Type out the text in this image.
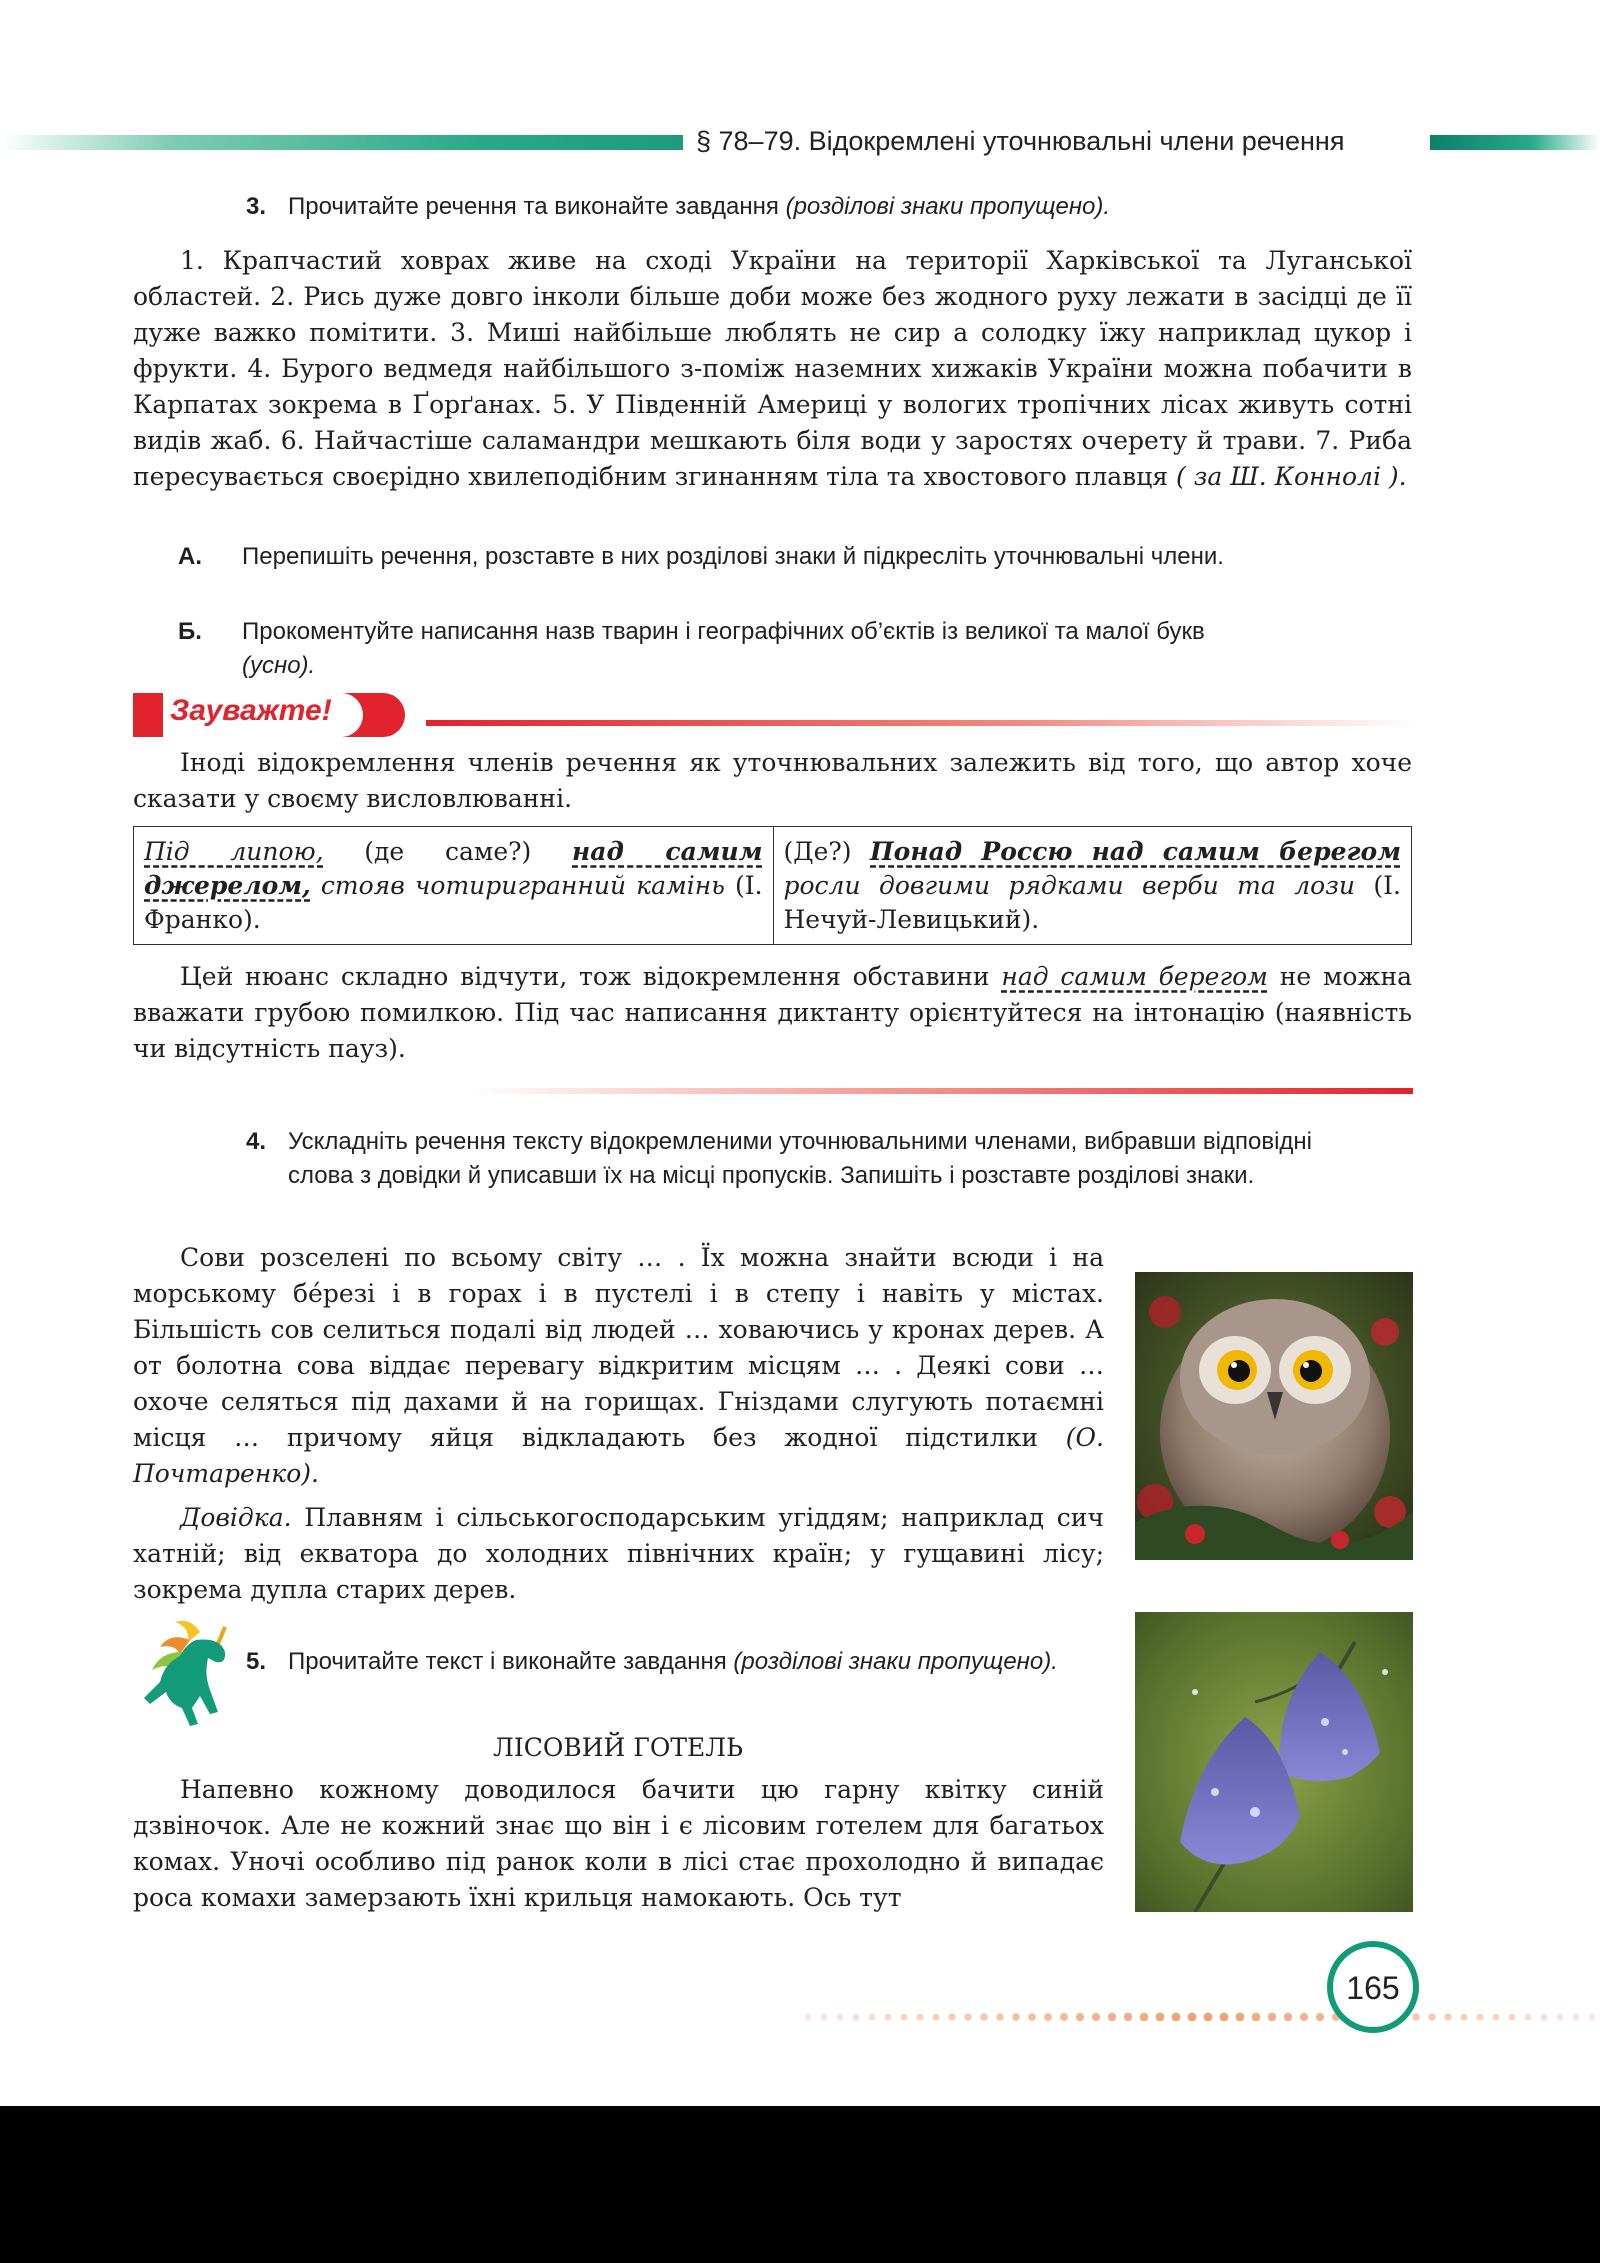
§ 78–79. Відокремлені уточнювальні члени речення
3. Прочитайте речення та виконайте завдання (розділові знаки пропущено).
1. Крапчастий ховрах живе на сході України на території Харківської та Луганської областей. 2. Рись дуже довго інколи більше доби може без жодного руху лежати в засідці де її дуже важко помітити. 3. Миші найбільше люблять не сир а солодку їжу наприклад цукор і фрукти. 4. Бурого ведмедя найбільшого з-поміж наземних хижаків України можна побачити в Карпатах зокрема в Ґорґанах. 5. У Південній Америці у вологих тропічних лісах живуть сотні видів жаб. 6. Найчастіше саламандри мешкають біля води у заростях очерету й трави. 7. Риба пересувається своєрідно хвилеподібним згинанням тіла та хвостового плавця ( за Ш. Коннолі ).
А.	Перепишіть речення, розставте в них розділові знаки й підкресліть уточнювальні члени.
Б.	Прокоментуйте написання назв тварин і географічних об’єктів із великої та малої букв (усно).
Зауважте!
Іноді відокремлення членів речення як уточнювальних залежить від того, що автор хоче сказати у своєму висловлюванні.
Під липою, (де саме?) над самим джерелом, стояв чотиригранний камінь (І. Франко).
(Де?) Понад Россю над самим берегом росли довгими рядками верби та лози (І. Нечуй-Левицький).
Цей нюанс складно відчути, тож відокремлення обставини над самим берегом не можна вважати грубою помилкою. Під час написання диктанту орієнтуйтеся на інтонацію (наявність чи відсутність пауз).
4. Ускладніть речення тексту відокремленими уточнювальними членами, вибравши відповідні слова з довідки й уписавши їх на місці пропусків. Запишіть і розставте розділові знаки.
Сови розселені по всьому світу … . Їх можна знайти всюди і на морському бе́резі і в горах і в пустелі і в степу і навіть у містах. Більшість сов селиться подалі від людей … ховаючись у кронах дерев. А от болотна сова віддає перевагу відкритим місцям … . Деякі сови … охоче селяться під дахами й на горищах. Гніздами слугують потаємні місця … причому яйця відкладають без жодної підстилки (О. Почтаренко).
Довідка. Плавням і сільськогосподарським угіддям; наприклад сич хатній; від екватора до холодних північних країн; у гущавині лісу; зокрема дупла старих дерев.
5. Прочитайте текст і виконайте завдання (розділові знаки пропущено).
ЛІСОВИЙ ГОТЕЛЬ
Напевно кожному доводилося бачити цю гарну квітку синій дзвіночок. Але не кожний знає що він і є лісовим готелем для багатьох комах. Уночі особливо під ранок коли в лісі стає прохолодно й випадає роса комахи замерзають їхні крильця намокають. Ось тут
165
